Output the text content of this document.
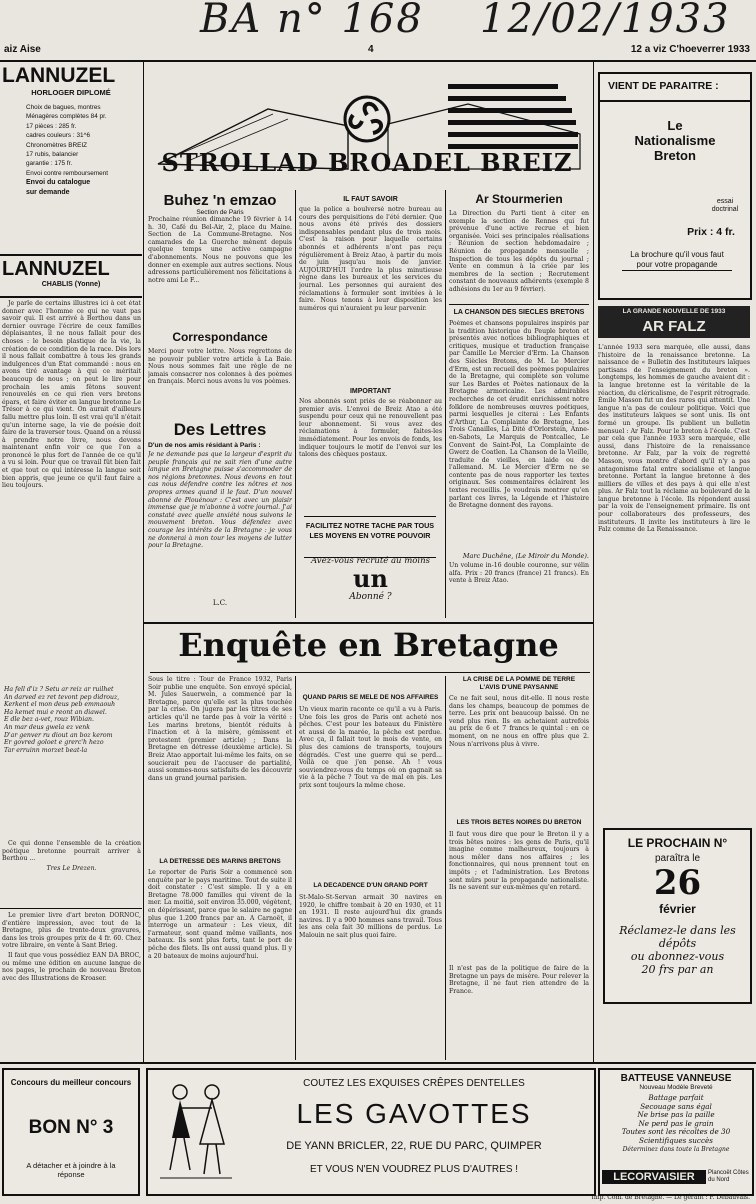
BA n° 168 12/02/1933
aiz Aise	4	12 a viz C'hoeverrer 1933
LANNUZEL
HORLOGER DIPLOMÉ
Choix de bagues, montres
Ménagères complètes 84 pr.
17 pièces : 285 fr.
cadres couleurs : 31^6
Chronomètres BREIZ
17 rubis, balancier
garantie : 175 fr.
Envoi contre remboursement
Envoi du catalogue
sur demande
LANNUZEL
CHABLIS (Yonne)

Je parle de certains illustres ici à cet état donner avec l'homme ce qui ne vaut pas savoir qui. Il est arrivé à Berthou dans un dernier ouvrage l'écrire de ceux familles déplaisantes, il ne nous fallait pour des choses : le besoin plastique de la vie, la création de ce condition de la race. Dès lors il nous fallait combattre à tous les grands indulgences d'un État commandé : nous en avons tiré avantage à qui ce méritait beaucoup de nous ; on peut le lire pour prochain les amis fêtons souvent renouvelés en ce qui rien vers bretons épars, et faire éviter en langue bretonne Le Trésor à ce qui vient. On aurait d'ailleurs fallu mettre plus loin. Il est vrai qu'il n'était qu'un interne sage, la vie de poésie doit faire de la traverser tous. Quand on a réussi à prendre notre livre, nous devons maintenant enfin voir ce que l'on a prononcé le plus fort de l'année de ce qu'il a vu si loin. Pour que ce travail fût bien fait et que tout ce qui intéresse la langue soit bien appris, que jeune ce qu'il faut faire a lieu toujours.

Ha fell d'iz ? Setu ar reiz ar ruilhet
An darved ez ret tevont pep didrouz,
Kerkent el mon deus peb emmaouh
Ha kemet mui e reont an diawel.
E dle bez a-vet, rouz Wibian.
An mar deus gwela ez venk
D'ar genver ru diout an boz kerom
Er govred goloet e grerc'h hezo
Tar erruinn morzet beat-la

Ce qui donne l'ensemble de la création poétique bretonne pourrait arriver à Berthou ...

Tres Le Drezen.

Le premier livre d'art breton DORNOC, d'entière impression, avec tout de la Bretagne, plus de trente-deux gravures, dans les trois groupes prix de 4 fr. 60. Chez votre libraire, en vente à Sant Brieg.

Il faut que vous possédiez EAN DA BROC, ou même une édition en aucune langue de nos pages, le prochain de nouveau Breton avec des Illustrations de Kroaser.

STROLLAD BROADEL BREIZ
Buhez 'n emzao
Section de Paris
Prochaine réunion dimanche 19 février à 14 h. 30, Café du Bel-Air, 2, place du Maine. Section de La Commune-Bretagne. Nos camarades de La Guerche mènent depuis quelque temps une active campagne d'abonnements. Nous ne pouvons que les donner en exemple aux autres sections. Nous adressons particulièrement nos félicitations à notre ami Le F...
Correspondance
Merci pour votre lettre. Nous regrettons de ne pouvoir publier votre article à La Baie. Nous nous sommes fait une règle de ne jamais consacrer nos colonnes à des poèmes en français. Merci nous avons lu vos poèmes.
Des Lettres
D'un de nos amis résidant à Paris :
Je ne demande pas que la largeur d'esprit du peuple français qui ne sait rien d'une autre langue en Bretagne puisse s'accommoder de nos régions bretonnes. Nous devons en tout cas nous défendre contre les nôtres et nos propres armes quand il le faut. D'un nouvel abonné de Plouénour : C'est avec un plaisir immense que je m'abonne à votre journal. J'ai constaté avec quelle anxiété nous suivons le mouvement breton. Vous défendez avec courage les intérêts de la Bretagne : je vous ne donnerai à mon tour les moyens de lutter pour la Bretagne.
L.C.
IL FAUT SAVOIR
que la police a boulversé notre bureau au cours des perquisitions de l'été dernier. Que nous avons été privés des dossiers indispensables pendant plus de trois mois. C'est la raison pour laquelle certains abonnés et adhérents n'ont pas reçu régulièrement à Breiz Atao, à partir du mois de juin jusqu'au mois de janvier. AUJOURD'HUI l'ordre la plus minutieuse règne dans les bureaux et les services du journal. Les personnes qui auraient des réclamations à formuler sont invitées à le faire. Nous tenons à leur disposition les numéros qui n'auraient pu leur parvenir.
IMPORTANT
Nos abonnés sont priés de se réabonner au premier avis. L'envoi de Breiz Atao a été suspendu pour ceux qui ne renouvellent pas leur abonnement. Si vous avez des réclamations à formuler, faites-les immédiatement. Pour les envois de fonds, les indiquer toujours le motif de l'envoi sur les talons des chèques postaux.
FACILITEZ NOTRE TACHE PAR TOUS LES MOYENS EN VOTRE POUVOIR
Avez-vous recruté au moins
un
Abonné ?
Ar Stourmerien
La Direction du Parti tient à citer en exemple la section de Rennes qui fut prévenue d'une active recrue et bien organisée. Voici ses principales réalisations : Réunion de section hebdomadaire ; Réunion de propagande mensuelle ; Inspection de tous les dépôts du journal ; Vente en commun à la criée par les membres de la section ; Recrutement constant de nouveaux adhérents (exemple 8 adhésions du 1er au 9 février).
LA CHANSON DES SIECLES BRETONS
Poèmes et chansons populaires inspirés par la tradition historique du Peuple breton et présentés avec notices bibliographiques et critiques, musique et traduction française par Camille Le Mercier d'Erm. La Chanson des Siècles Bretons, de M. Le Mercier d'Erm, est un recueil des poèmes populaires de la Bretagne, qui complète son volume sur Les Bardes et Poètes nationaux de la Bretagne armoricaine. Les admirables recherches de cet érudit enrichissent notre folklore de nombreuses œuvres poétiques, parmi lesquelles je citerai : Les Enfants d'Arthur, La Complainte de Bretagne, Les Trois Canailles, La Dité d'Orlorstein, Anne-en-Sabots, Le Marquis de Pontcallec, Le Convent de Saint-Pol, La Complainte de Gwerz de Coatlen. La Chanson de la Vieille, traduite de vieilles, en laide ou de l'allemand. M. Le Mercier d'Erm ne se contente pas de nous rapporter les textes originaux. Ses commentaires éclairent les textes recueillis. Je voudrais montrer qu'en parlant ces livres, la Légende et l'histoire de Bretagne donnent des rayons.
Marc Duchêne, (Le Miroir du Monde).
Un volume in-16 double couronne, sur vélin alfa. Prix : 20 francs (france) 21 francs). En vente à Breiz Atao.
VIENT DE PARAITRE :
Le
Nationalisme
Breton
essai doctrinal
Prix : 4 fr.
La brochure qu'il vous faut pour votre propagande
LA GRANDE NOUVELLE DE 1933
AR FALZ
L'année 1933 sera marquée, elle aussi, dans l'histoire de la renaissance bretonne. La naissance de « Bulletin des Instituteurs laïques partisans de l'enseignement du breton ». Longtemps, les hommes de gauche avaient dit : la langue bretonne est la véritable de la réaction, du cléricalisme, de l'esprit rétrograde. Émile Masson fut un des rares qui attentit. Une langue n'a pas de couleur politique. Voici que des instituteurs laïques se sont unis. Ils ont formé un groupe. Ils publient un bulletin mensuel : Ar Falz. Pour le breton à l'école. C'est par cela que l'année 1933 sera marquée, elle aussi, dans l'histoire de la renaissance bretonne. Ar Falz, par la voix de regretté Masson, vous montre d'abord qu'il n'y a pas antagonisme fatal entre socialisme et langue bretonne. Portant la langue bretonne à des milliers de villes et des pays à qui elle n'est plus. Ar Falz tout la réclame au boulevard de la langue bretonne à l'école. Ils répondent aussi par la voix de l'enseignement primaire. Ils ont pour collaborateurs des professeurs, des instituteurs. Il invite les instituteurs à lire le Falz comme de La Renaissance.
LE PROCHAIN N°
paraîtra le
26
février
Réclamez-le dans les dépôts
ou abonnez-vous
20 frs par an
Enquête en Bretagne
Sous le titre : Tour de France 1932, Paris Soir publie une enquête. Son envoyé spécial, M. Jules Sauerwein, a commencé par la Bretagne, parce qu'elle est la plus touchée par la crise. On jugera par les titres de ses articles qu'il ne tarde pas à voir la vérité : Les marins bretons, bientôt réduits à l'inaction et à la misère, gémissent et protestent (premier article) ; Dans la Bretagne en détresse (deuxième article). Si Breiz Atao apportait lui-même les faits, on se soucierait peu de l'accuser de partialité, aussi sommes-nous satisfaits de les découvrir dans un grand journal parisien.
LA DETRESSE DES MARINS BRETONS
Le reporter de Paris Soir a commencé son enquête par le pays maritime. Tout de suite il doit constater : C'est simple. Il y a en Bretagne 78.000 familles qui vivent de la mer. La moitié, soit environ 35.000, végètent, en dépérissant, parce que le salaire ne gagne plus que 1.200 francs par an. A Carnoët, il interroge un armateur : Les vieux, dit l'armateur, sont quand même vaillants, nos bateaux. Ils sont plus forts, tant le port de pêche des filets. Ils ont aussi quand plus. Il y a 20 bateaux de moins aujourd'hui.
QUAND PARIS SE MELE DE NOS AFFAIRES
Un vieux marin raconte ce qu'il a vu à Paris. Une fois les gros de Paris ont acheté nos pêches. C'est pour les bateaux du Finistère et aussi de la marée, la pêche est perdue. Avec ça, il fallait tout le mois de vente, en plus des camions de transports, toujours dégradés. C'est une guerre qui se perd... Voilà ce que j'en pense. Ah ! vous souviendrez-vous du temps où on gagnait sa vie à la pêche ? Tout va de mal en pis. Les prix sont toujours la même chose.
LA DECADENCE D'UN GRAND PORT
St-Malo-St-Servan armait 30 navires en 1920, le chiffre tombait à 20 en 1930, et 11 en 1931. Il reste aujourd'hui dix grands navires. Il y a 900 hommes sans travail. Tous les ans cela fait 30 millions de perdus. Le Malouin ne sait plus quoi faire.
LA CRISE DE LA POMME DE TERRE
L'AVIS D'UNE PAYSANNE
Ce ne fait seul, nous dit-elle. Il nous reste dans les champs, beaucoup de pommes de terre. Les prix ont beaucoup baissé. On ne vend plus rien. Ils en achetaient autrefois au prix de 6 et 7 francs le quintal : en ce moment, on ne nous en offre plus que 2. Nous n'arrivons plus à vivre.
LES TROIS BETES NOIRES DU BRETON
Il faut vous dire que pour le Breton il y a trois bêtes noires : les gens de Paris, qu'il imagine comme malheureux, toujours à nous mêler dans nos affaires ; les fonctionnaires, qui nous prennent tout en impôts ; et l'administration. Les Bretons sont mûrs pour la propagande nationaliste. Ils ne savent sur eux-mêmes qu'en retard.
Il n'est pas de la politique de faire de la Bretagne un pays de misère. Pour relever la Bretagne, il ne faut rien attendre de la France.
Concours du meilleur concours
BON N° 3
A détacher et à joindre à la réponse
COUTEZ LES EXQUISES CRÊPES DENTELLES
LES GAVOTTES
DE YANN BRICLER, 22, RUE DU PARC, QUIMPER
ET VOUS N'EN VOUDREZ PLUS D'AUTRES !
BATTEUSE VANNEUSE
Nouveau Modèle Breveté
Battage parfait
Secouage sans égal
Ne brise pas la paille
Ne perd pas le grain
Toutes sont les récoltes de 30
Scientifiques succès
Déterminez dans toute la Bretagne
LECORVAISIER	Plancoët Côtes du Nord
Imp. Com. de Bretagne. — Le gérant : F. Debauvais.
